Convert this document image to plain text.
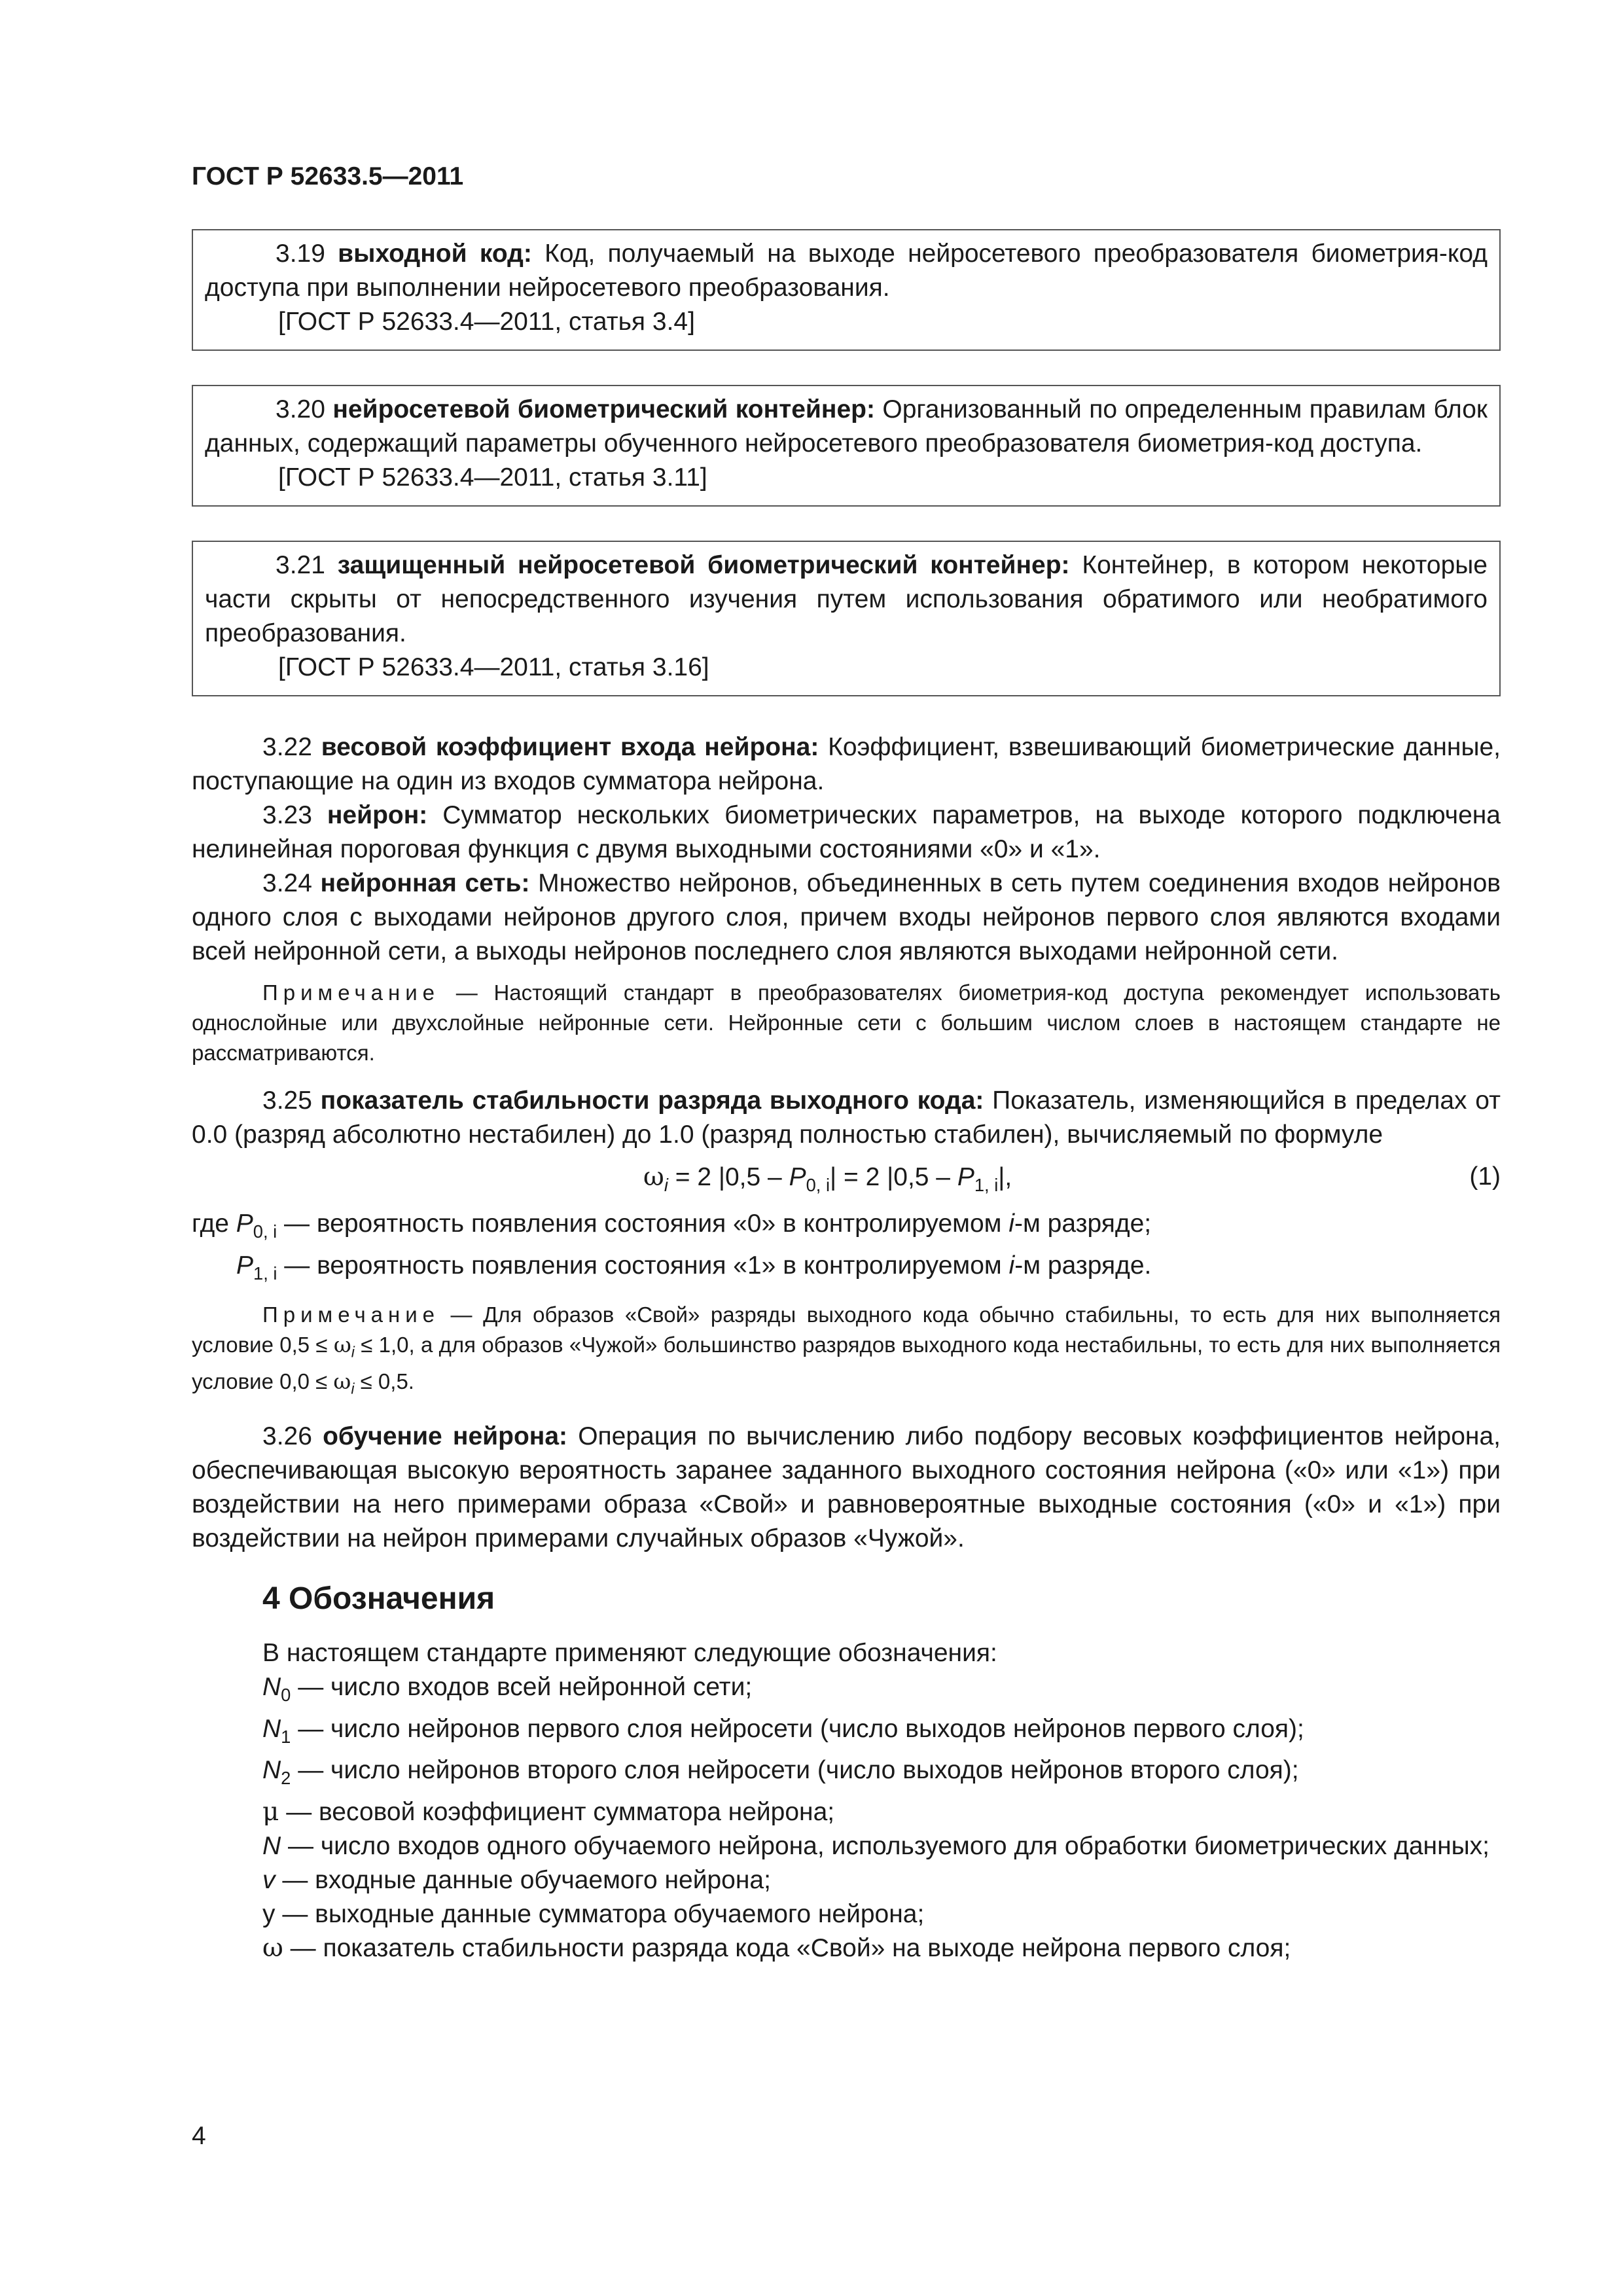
ГОСТ Р 52633.5—2011

3.19 выходной код: Код, получаемый на выходе нейросетевого преобразователя биометрия-код доступа при выполнении нейросетевого преобразования.

[ГОСТ Р 52633.4—2011, статья 3.4]

3.20 нейросетевой биометрический контейнер: Организованный по определенным правилам блок данных, содержащий параметры обученного нейросетевого преобразователя биометрия-код доступа.

[ГОСТ Р 52633.4—2011, статья 3.11]

3.21 защищенный нейросетевой биометрический контейнер: Контейнер, в котором некоторые части скрыты от непосредственного изучения путем использования обратимого или необратимого преобразования.

[ГОСТ Р 52633.4—2011, статья 3.16]

3.22 весовой коэффициент входа нейрона: Коэффициент, взвешивающий биометрические данные, поступающие на один из входов сумматора нейрона.

3.23 нейрон: Сумматор нескольких биометрических параметров, на выходе которого подключена нелинейная пороговая функция с двумя выходными состояниями «0» и «1».

3.24 нейронная сеть: Множество нейронов, объединенных в сеть путем соединения входов нейронов одного слоя с выходами нейронов другого слоя, причем входы нейронов первого слоя являются входами всей нейронной сети, а выходы нейронов последнего слоя являются выходами нейронной сети.

Примечание — Настоящий стандарт в преобразователях биометрия-код доступа рекомендует использовать однослойные или двухслойные нейронные сети. Нейронные сети с большим числом слоев в настоящем стандарте не рассматриваются.

3.25 показатель стабильности разряда выходного кода: Показатель, изменяющийся в пределах от 0.0 (разряд абсолютно нестабилен) до 1.0 (разряд полностью стабилен), вычисляемый по формуле

$\omega_i = 2$ $|0,5 - P_{0, i}| = 2$ $|0,5 - P_{1, i}|$,	(1)

где $P_{0, i}$ — вероятность появления состояния «0» в контролируемом i-м разряде;

$P_{1, i}$ — вероятность появления состояния «1» в контролируемом i-м разряде.

Примечание — Для образов «Свой» разряды выходного кода обычно стабильны, то есть для них выполняется условие $0,5 \le \omega_i \le 1,0$, а для образов «Чужой» большинство разрядов выходного кода нестабильны, то есть для них выполняется условие $0,0 \le \omega_i \le 0,5$.

3.26 обучение нейрона: Операция по вычислению либо подбору весовых коэффициентов нейрона, обеспечивающая высокую вероятность заранее заданного выходного состояния нейрона («0» или «1») при воздействии на него примерами образа «Свой» и равновероятные выходные состояния («0» и «1») при воздействии на нейрон примерами случайных образов «Чужой».

4 Обозначения

В настоящем стандарте применяют следующие обозначения:

$N_0$ — число входов всей нейронной сети;

$N_1$ — число нейронов первого слоя нейросети (число выходов нейронов первого слоя);

$N_2$ — число нейронов второго слоя нейросети (число выходов нейронов второго слоя);

μ — весовой коэффициент сумматора нейрона;

N — число входов одного обучаемого нейрона, используемого для обработки биометрических данных;

v — входные данные обучаемого нейрона;

y — выходные данные сумматора обучаемого нейрона;

ω — показатель стабильности разряда кода «Свой» на выходе нейрона первого слоя;

4
